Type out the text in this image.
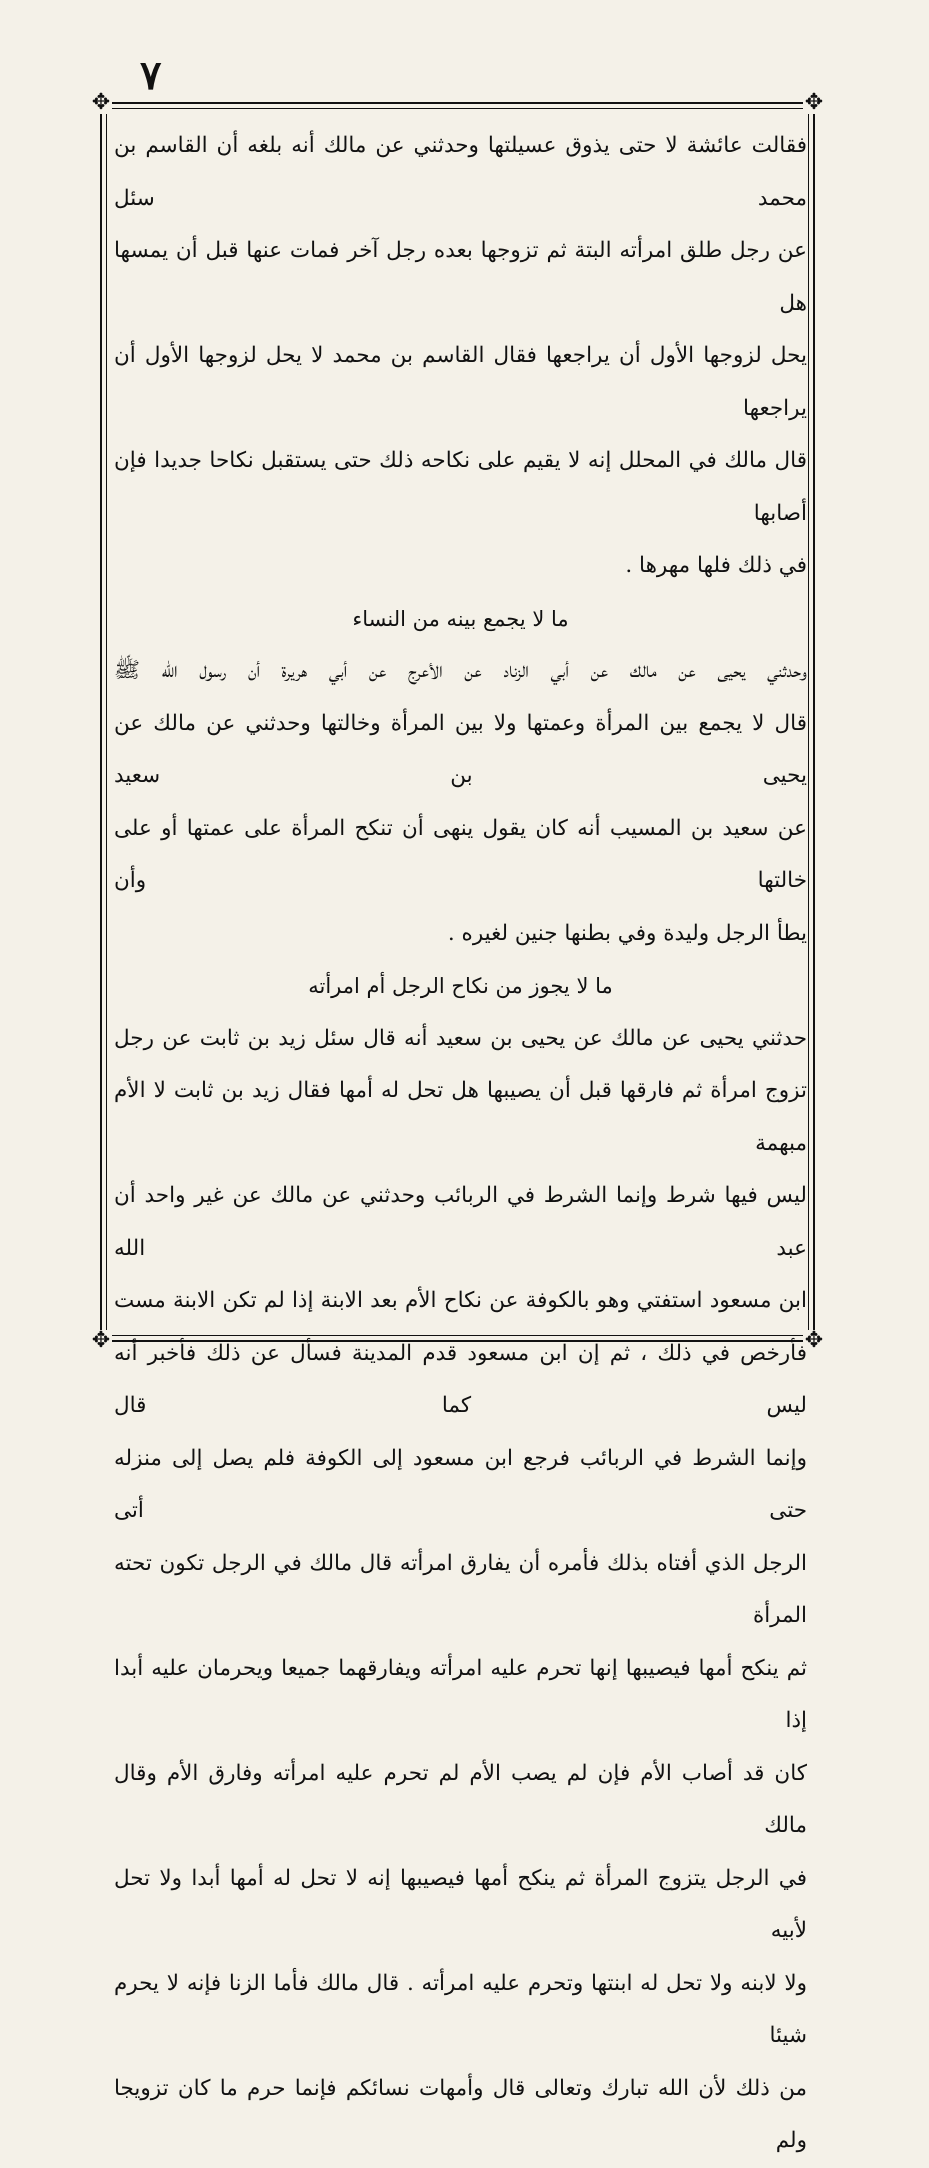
٧
✥	✥
✥	✥

فقالت عائشة لا حتى يذوق عسيلتها وحدثني عن مالك أنه بلغه أن القاسم بن محمد سئل

عن رجل طلق امرأته البتة ثم تزوجها بعده رجل آخر فمات عنها قبل أن يمسها هل

يحل لزوجها الأول أن يراجعها فقال القاسم بن محمد لا يحل لزوجها الأول أن يراجعها

قال مالك في المحلل إنه لا يقيم على نكاحه ذلك حتى يستقبل نكاحا جديدا فإن أصابها

في ذلك فلها مهرها .

ما لا يجمع بينه من النساء

وحدثني يحيى عن مالك عن أبي الزناد عن الأعرج عن أبي هريرة أن رسول الله ﷺ

قال لا يجمع بين المرأة وعمتها ولا بين المرأة وخالتها وحدثني عن مالك عن يحيى بن سعيد

عن سعيد بن المسيب أنه كان يقول ينهى أن تنكح المرأة على عمتها أو على خالتها وأن

يطأ الرجل وليدة وفي بطنها جنين لغيره .

ما لا يجوز من نكاح الرجل أم امرأته

حدثني يحيى عن مالك عن يحيى بن سعيد أنه قال سئل زيد بن ثابت عن رجل

تزوج امرأة ثم فارقها قبل أن يصيبها هل تحل له أمها فقال زيد بن ثابت لا الأم مبهمة

ليس فيها شرط وإنما الشرط في الربائب وحدثني عن مالك عن غير واحد أن عبد الله

ابن مسعود استفتي وهو بالكوفة عن نكاح الأم بعد الابنة إذا لم تكن الابنة مست

فأرخص في ذلك ، ثم إن ابن مسعود قدم المدينة فسأل عن ذلك فأخبر أنه ليس كما قال

وإنما الشرط في الربائب فرجع ابن مسعود إلى الكوفة فلم يصل إلى منزله حتى أتى

الرجل الذي أفتاه بذلك فأمره أن يفارق امرأته قال مالك في الرجل تكون تحته المرأة

ثم ينكح أمها فيصيبها إنها تحرم عليه امرأته ويفارقهما جميعا ويحرمان عليه أبدا إذا

كان قد أصاب الأم فإن لم يصب الأم لم تحرم عليه امرأته وفارق الأم وقال مالك

في الرجل يتزوج المرأة ثم ينكح أمها فيصيبها إنه لا تحل له أمها أبدا ولا تحل لأبيه

ولا لابنه ولا تحل له ابنتها وتحرم عليه امرأته . قال مالك فأما الزنا فإنه لا يحرم شيئا

من ذلك لأن الله تبارك وتعالى قال وأمهات نسائكم فإنما حرم ما كان تزويجا ولم
